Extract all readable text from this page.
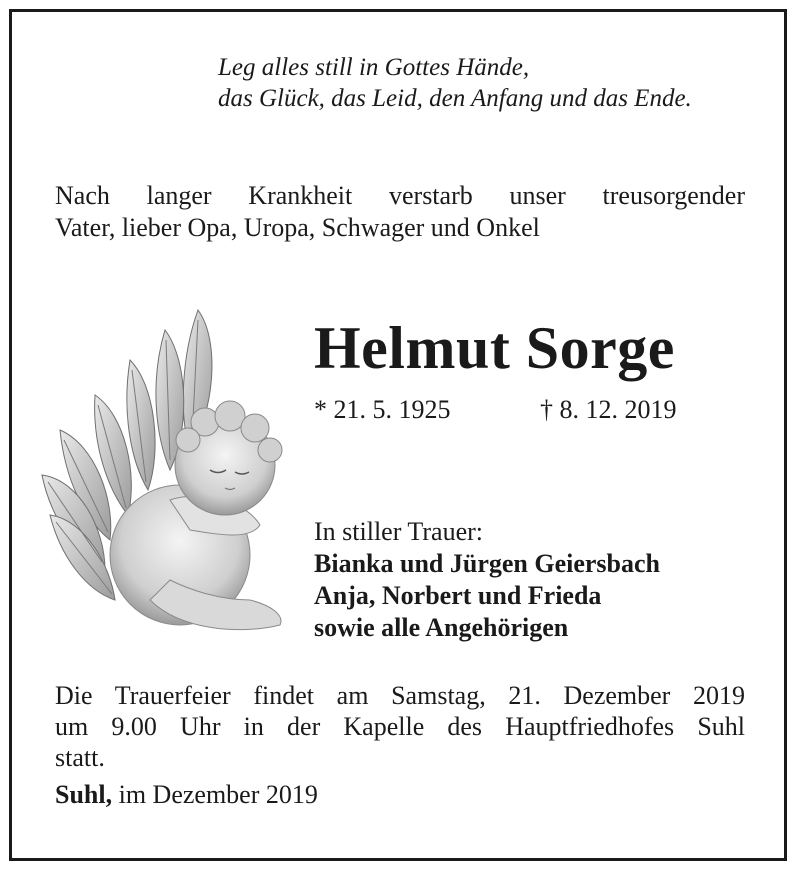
Leg alles still in Gottes Hände,
das Glück, das Leid, den Anfang und das Ende.
Nach langer Krankheit verstarb unser treusorgender
Vater, lieber Opa, Uropa, Schwager und Onkel
Helmut Sorge
* 21. 5. 1925	† 8. 12. 2019
In stiller Trauer:
Bianka und Jürgen Geiersbach
Anja, Norbert und Frieda
sowie alle Angehörigen
Die Trauerfeier findet am Samstag, 21. Dezember 2019
um 9.00 Uhr in der Kapelle des Hauptfriedhofes Suhl
statt.
Suhl, im Dezember 2019
